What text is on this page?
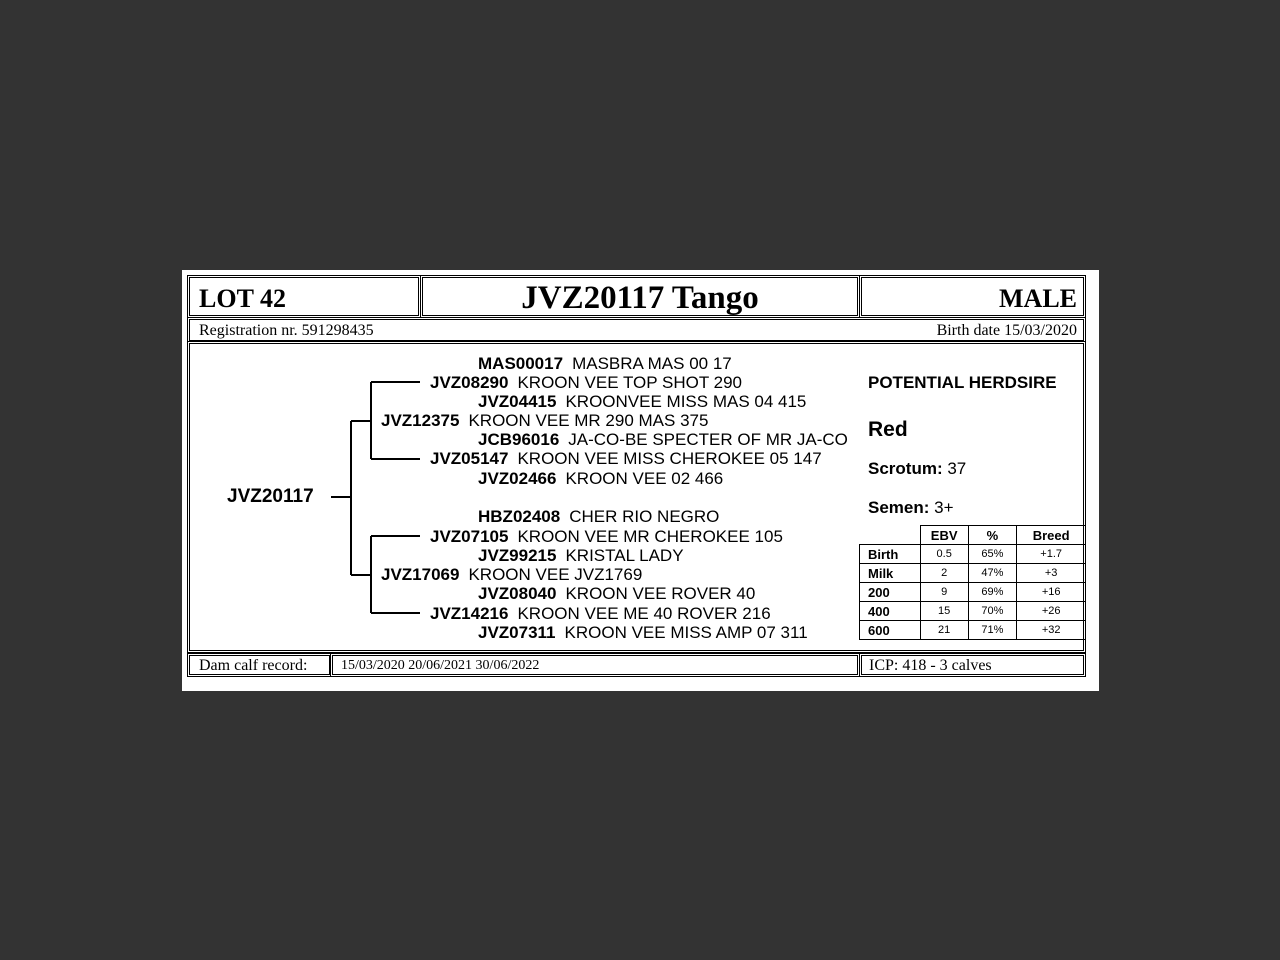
LOT 42	JVZ20117 Tango	MALE
Registration nr. 591298435	Birth date 15/03/2020
JVZ20117
MAS00017 MASBRA MAS 00 17
JVZ08290 KROON VEE TOP SHOT 290
JVZ04415 KROONVEE MISS MAS 04 415
JVZ12375 KROON VEE MR 290 MAS 375
JCB96016 JA-CO-BE SPECTER OF MR JA-CO
JVZ05147 KROON VEE MISS CHEROKEE 05 147
JVZ02466 KROON VEE 02 466
HBZ02408 CHER RIO NEGRO
JVZ07105 KROON VEE MR CHEROKEE 105
JVZ99215 KRISTAL LADY
JVZ17069 KROON VEE JVZ1769
JVZ08040 KROON VEE ROVER 40
JVZ14216 KROON VEE ME 40 ROVER 216
JVZ07311 KROON VEE MISS AMP 07 311
POTENTIAL HERDSIRE
Red
Scrotum: 37
Semen: 3+
	EBV	%	Breed
Birth	0.5	65%	+1.7
Milk	2	47%	+3
200	9	69%	+16
400	15	70%	+26
600	21	71%	+32
Dam calf record: 15/03/2020 20/06/2021 30/06/2022	ICP: 418 - 3 calves
